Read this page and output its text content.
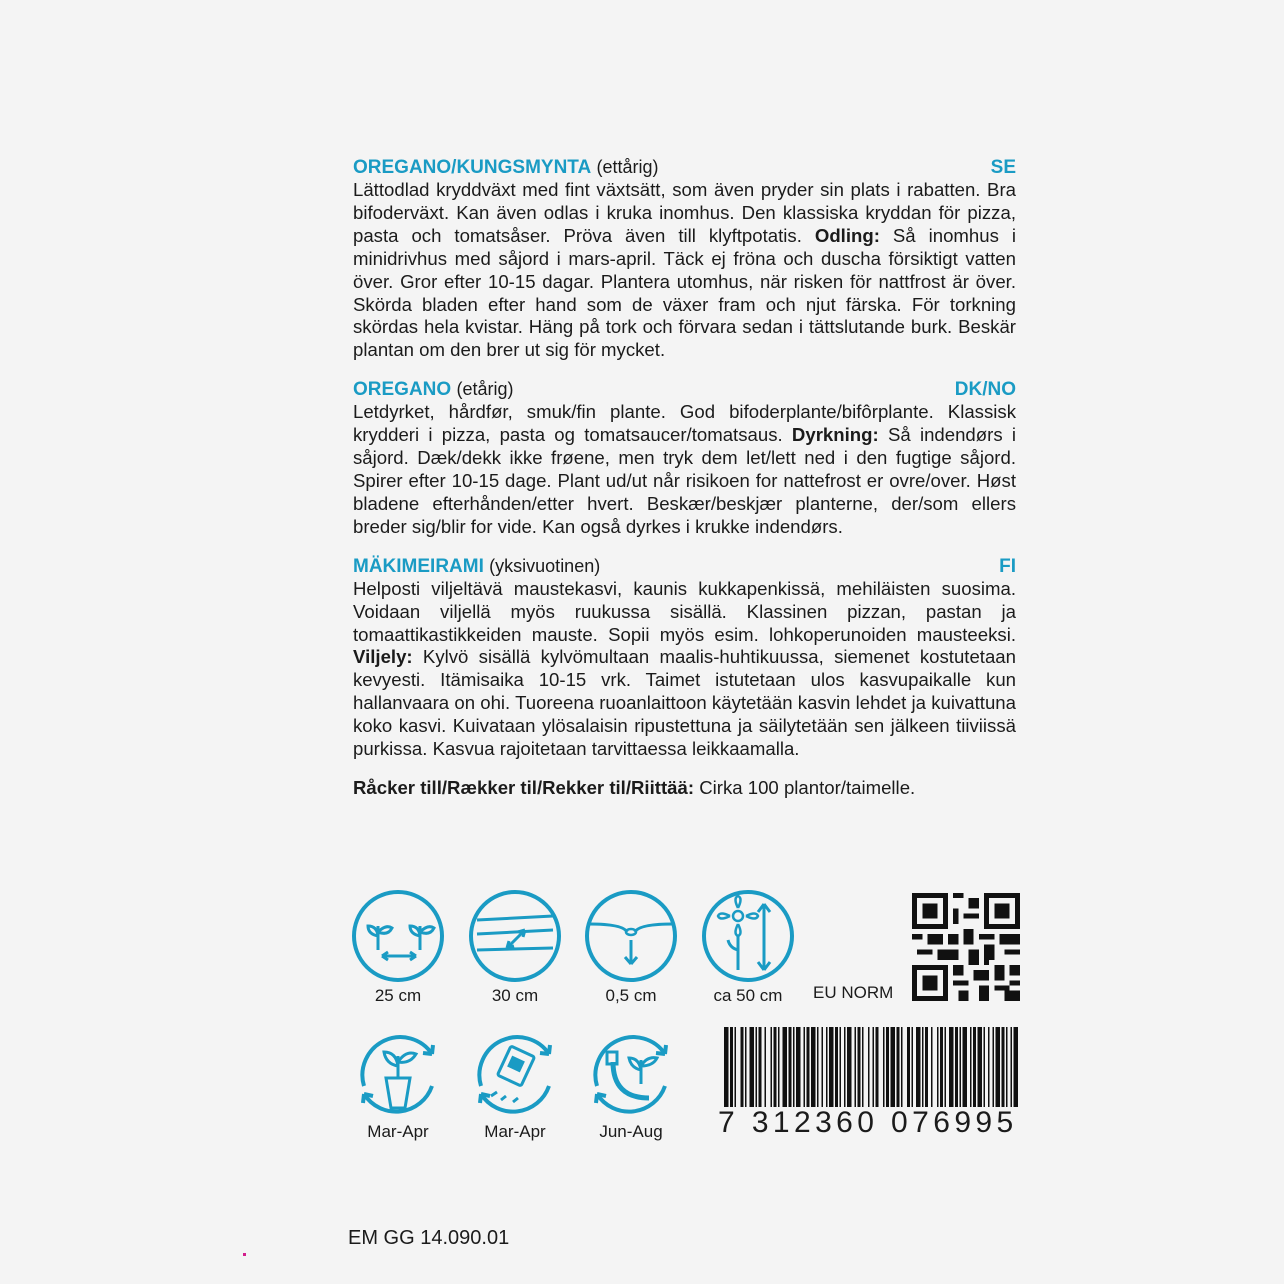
OREGANO/KUNGSMYNTA (ettårig)	SE
Lättodlad kryddväxt med fint växtsätt, som även pryder sin plats i rabatten. Bra bifoderväxt. Kan även odlas i kruka inomhus. Den klassiska kryddan för pizza, pasta och tomatsåser. Pröva även till klyftpotatis. Odling: Så inomhus i minidrivhus med såjord i mars-april. Täck ej fröna och duscha försiktigt vatten över. Gror efter 10-15 dagar. Plantera utomhus, när risken för nattfrost är över. Skörda bladen efter hand som de växer fram och njut färska. För torkning skördas hela kvistar. Häng på tork och förvara sedan i tättslutande burk. Beskär plantan om den brer ut sig för mycket.
OREGANO (etårig)	DK/NO
Letdyrket, hårdfør, smuk/fin plante. God bifoderplante/bifôrplante. Klassisk krydderi i pizza, pasta og tomatsaucer/tomatsaus. Dyrkning: Så indendørs i såjord. Dæk/dekk ikke frøene, men tryk dem let/lett ned i den fugtige såjord. Spirer efter 10-15 dage. Plant ud/ut når risikoen for nattefrost er ovre/over. Høst bladene efterhånden/etter hvert. Beskær/beskjær planterne, der/som ellers breder sig/blir for vide. Kan også dyrkes i krukke indendørs.
MÄKIMEIRAMI (yksivuotinen)	FI
Helposti viljeltävä maustekasvi, kaunis kukkapenkissä, mehiläisten suosima. Voidaan viljellä myös ruukussa sisällä. Klassinen pizzan, pastan ja tomaattikastikkeiden mauste. Sopii myös esim. lohkoperunoiden mausteeksi. Viljely: Kylvö sisällä kylvömultaan maalis-huhtikuussa, siemenet kostutetaan kevyesti. Itämisaika 10-15 vrk. Taimet istutetaan ulos kasvupaikalle kun hallanvaara on ohi. Tuoreena ruoanlaittoon käytetään kasvin lehdet ja kuivattuna koko kasvi. Kuivataan ylösalaisin ripustettuna ja säilytetään sen jälkeen tiiviissä purkissa. Kasvua rajoitetaan tarvittaessa leikkaamalla.
Råcker till/Rækker til/Rekker til/Riittää: Cirka 100 plantor/taimelle.
25 cm	30 cm	0,5 cm	ca 50 cm
Mar-Apr	Mar-Apr	Jun-Aug
EU NORM
7 312360 076995
EM GG 14.090.01
